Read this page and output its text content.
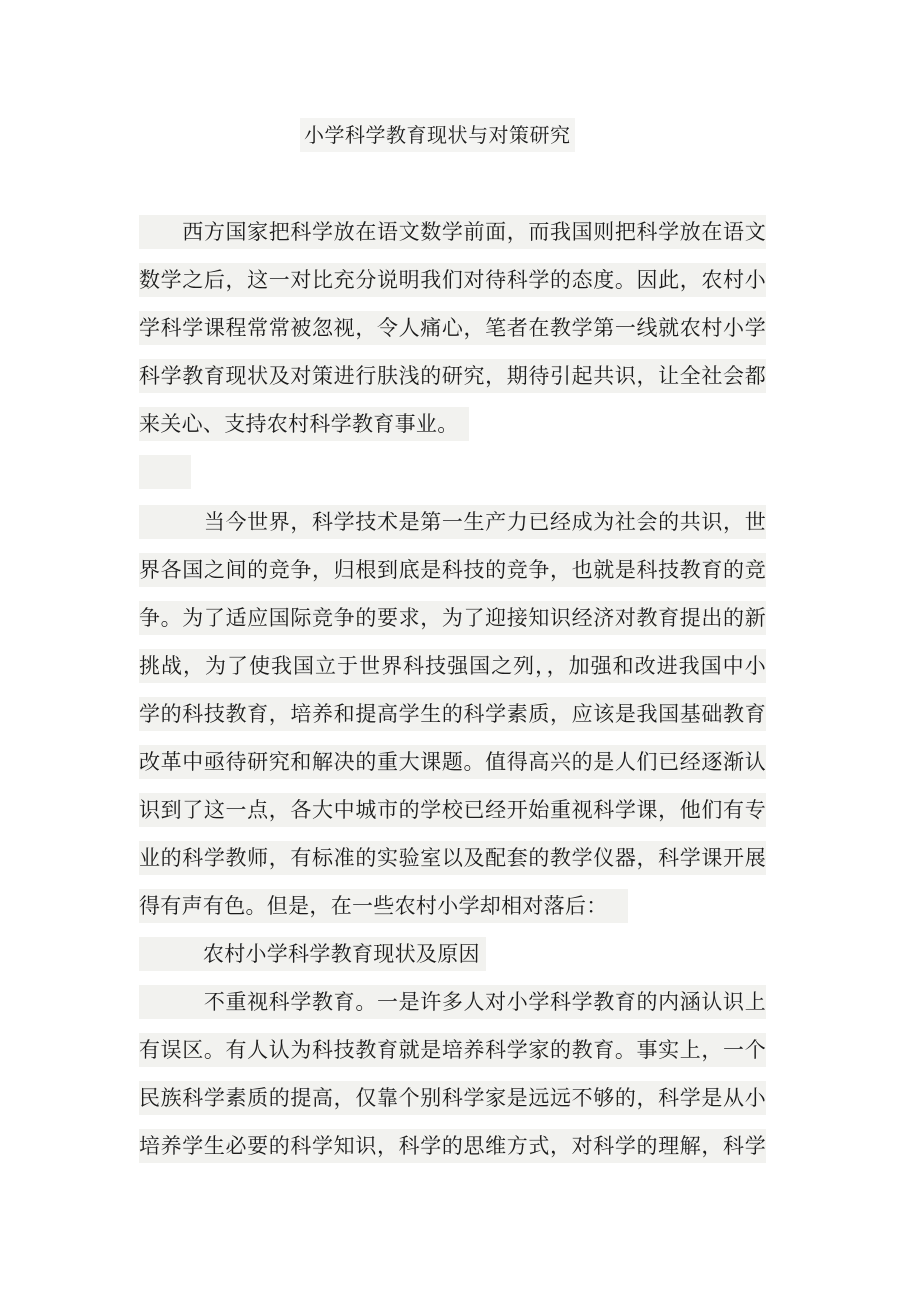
小学科学教育现状与对策研究
　　西方国家把科学放在语文数学前面，而我国则把科学放在语文
数学之后，这一对比充分说明我们对待科学的态度。因此，农村小
学科学课程常常被忽视，令人痛心，笔者在教学第一线就农村小学
科学教育现状及对策进行肤浅的研究，期待引起共识，让全社会都
来关心、支持农村科学教育事业。
　　　当今世界，科学技术是第一生产力已经成为社会的共识，世
界各国之间的竞争，归根到底是科技的竞争，也就是科技教育的竞
争。为了适应国际竞争的要求，为了迎接知识经济对教育提出的新
挑战，为了使我国立于世界科技强国之列，，加强和改进我国中小
学的科技教育，培养和提高学生的科学素质，应该是我国基础教育
改革中亟待研究和解决的重大课题。值得高兴的是人们已经逐渐认
识到了这一点，各大中城市的学校已经开始重视科学课，他们有专
业的科学教师，有标准的实验室以及配套的教学仪器，科学课开展
得有声有色。但是，在一些农村小学却相对落后：
　　　农村小学科学教育现状及原因
　　　不重视科学教育。一是许多人对小学科学教育的内涵认识上
有误区。有人认为科技教育就是培养科学家的教育。事实上，一个
民族科学素质的提高，仅靠个别科学家是远远不够的，科学是从小
培养学生必要的科学知识，科学的思维方式，对科学的理解，科学
